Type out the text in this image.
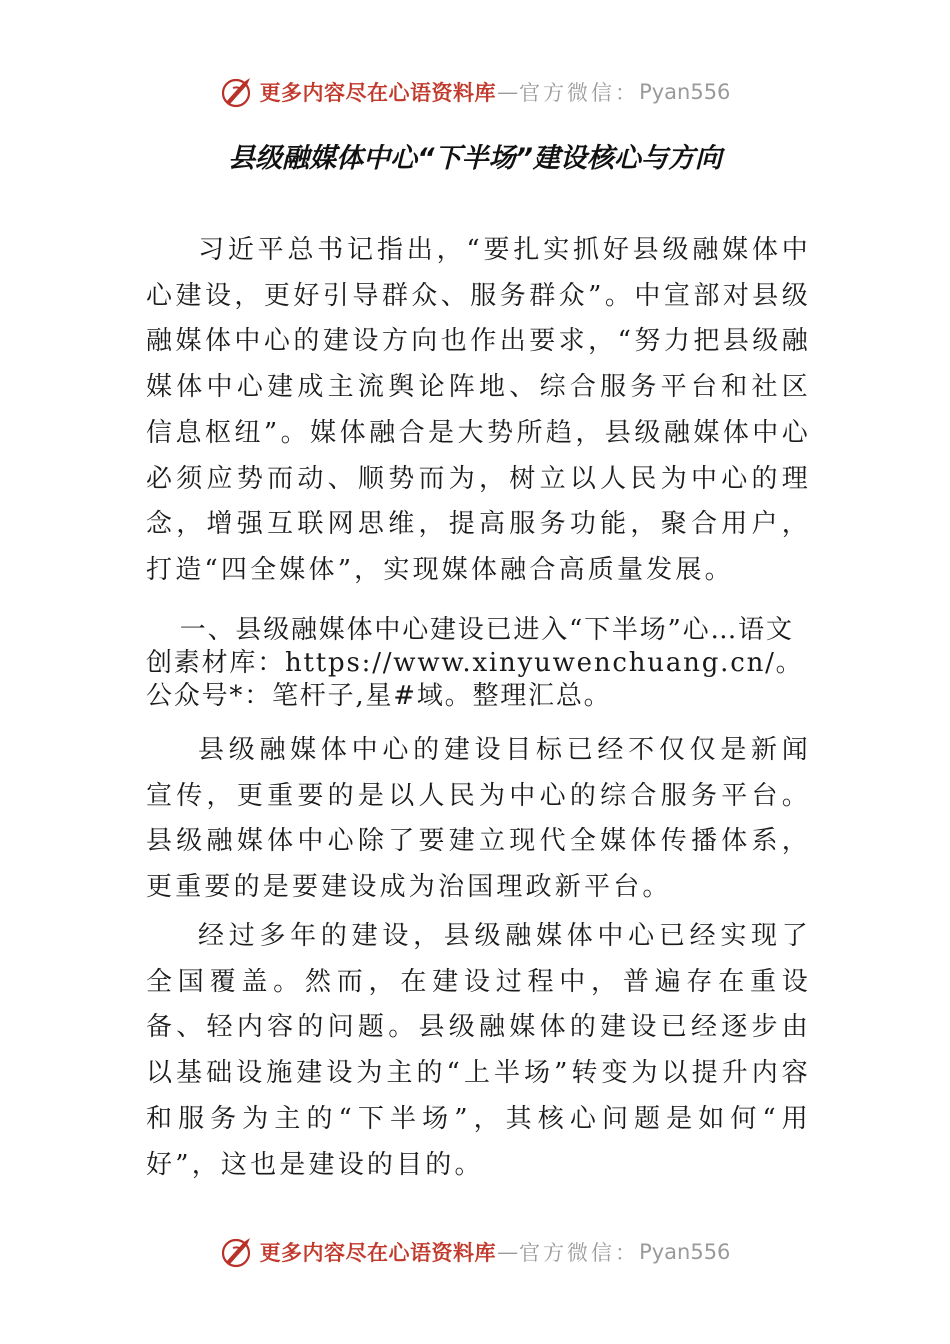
更多内容尽在心语资料库 — 官方微信： Pyan556
县级融媒体中心“下半场”建设核心与方向

习近平总书记指出，“要扎实抓好县级融媒体中心建设，更好引导群众、服务群众”。中宣部对县级融媒体中心的建设方向也作出要求，“努力把县级融媒体中心建成主流舆论阵地、综合服务平台和社区信息枢纽”。媒体融合是大势所趋，县级融媒体中心必须应势而动、顺势而为，树立以人民为中心的理念，增强互联网思维，提高服务功能，聚合用户，打造“四全媒体”，实现媒体融合高质量发展。

一、县级融媒体中心建设已进入“下半场”心…语文创素材库：https://www.xinyuwenchuang.cn/。公众号*：笔杆子,星#域。整理汇总。

县级融媒体中心的建设目标已经不仅仅是新闻宣传，更重要的是以人民为中心的综合服务平台。县级融媒体中心除了要建立现代全媒体传播体系，更重要的是要建设成为治国理政新平台。

经过多年的建设，县级融媒体中心已经实现了全国覆盖。然而，在建设过程中，普遍存在重设备、轻内容的问题。县级融媒体的建设已经逐步由以基础设施建设为主的“上半场”转变为以提升内容和服务为主的“下半场”，其核心问题是如何“用好”，这也是建设的目的。

更多内容尽在心语资料库 — 官方微信： Pyan556
